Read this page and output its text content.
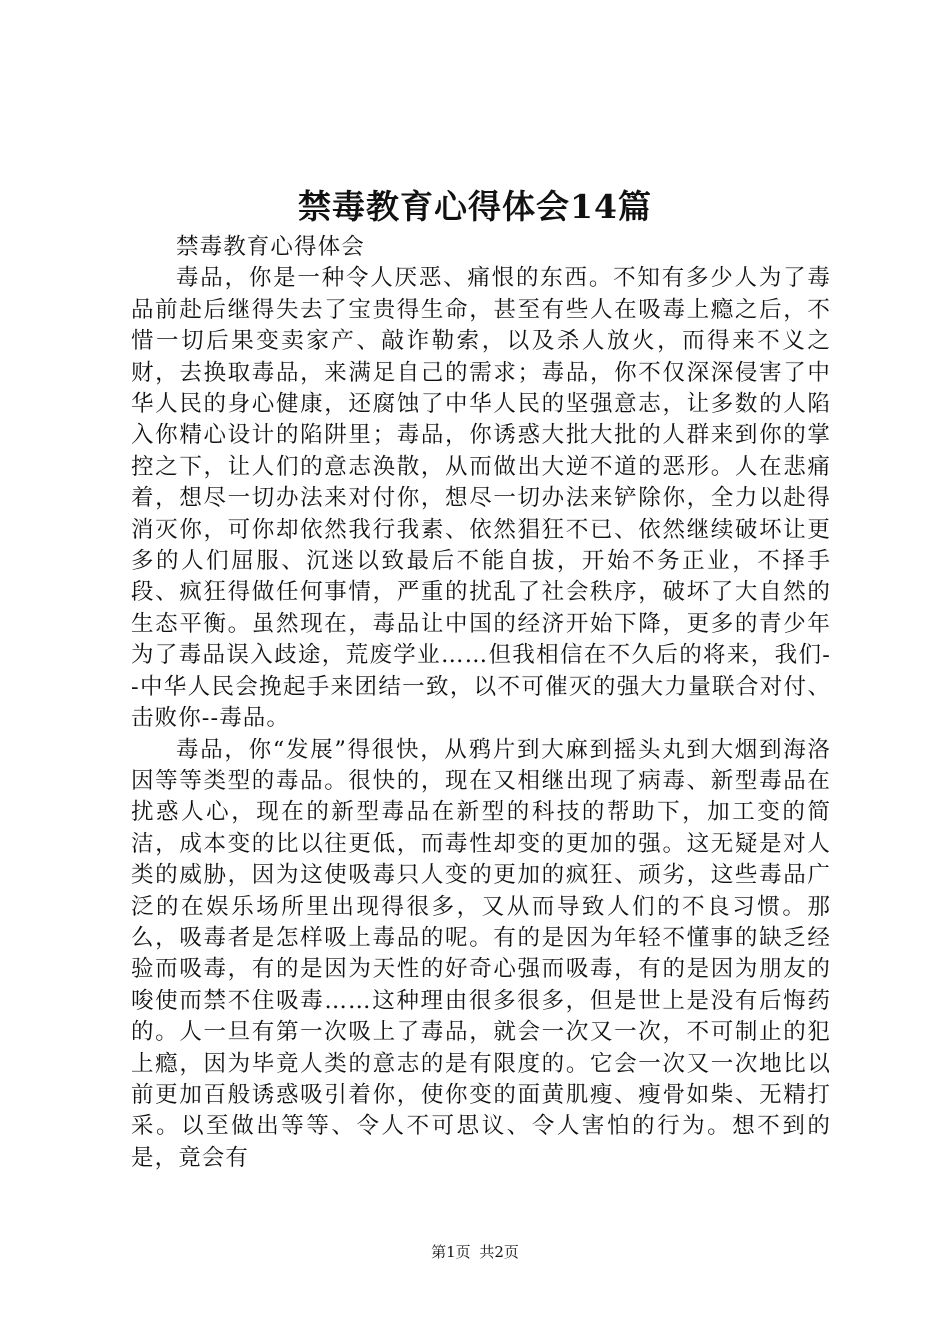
禁毒教育心得体会14篇

禁毒教育心得体会

毒品，你是一种令人厌恶、痛恨的东西。不知有多少人为了毒品前赴后继得失去了宝贵得生命，甚至有些人在吸毒上瘾之后，不惜一切后果变卖家产、敲诈勒索，以及杀人放火，而得来不义之财，去换取毒品，来满足自己的需求；毒品，你不仅深深侵害了中华人民的身心健康，还腐蚀了中华人民的坚强意志，让多数的人陷入你精心设计的陷阱里；毒品，你诱惑大批大批的人群来到你的掌控之下，让人们的意志涣散，从而做出大逆不道的恶形。人在悲痛着，想尽一切办法来对付你，想尽一切办法来铲除你，全力以赴得消灭你，可你却依然我行我素、依然猖狂不已、依然继续破坏让更多的人们屈服、沉迷以致最后不能自拔，开始不务正业，不择手段、疯狂得做任何事情，严重的扰乱了社会秩序，破坏了大自然的生态平衡。虽然现在，毒品让中国的经济开始下降，更多的青少年为了毒品误入歧途，荒废学业……但我相信在不久后的将来，我们--中华人民会挽起手来团结一致，以不可催灭的强大力量联合对付、击败你--毒品。

毒品，你“发展”得很快，从鸦片到大麻到摇头丸到大烟到海洛因等等类型的毒品。很快的，现在又相继出现了病毒、新型毒品在扰惑人心，现在的新型毒品在新型的科技的帮助下，加工变的简洁，成本变的比以往更低，而毒性却变的更加的强。这无疑是对人类的威胁，因为这使吸毒只人变的更加的疯狂、顽劣，这些毒品广泛的在娱乐场所里出现得很多，又从而导致人们的不良习惯。那么，吸毒者是怎样吸上毒品的呢。有的是因为年轻不懂事的缺乏经验而吸毒，有的是因为天性的好奇心强而吸毒，有的是因为朋友的唆使而禁不住吸毒……这种理由很多很多，但是世上是没有后悔药的。人一旦有第一次吸上了毒品，就会一次又一次，不可制止的犯上瘾，因为毕竟人类的意志的是有限度的。它会一次又一次地比以前更加百般诱惑吸引着你，使你变的面黄肌瘦、瘦骨如柴、无精打采。以至做出等等、令人不可思议、令人害怕的行为。想不到的是，竟会有

第1页 共2页
